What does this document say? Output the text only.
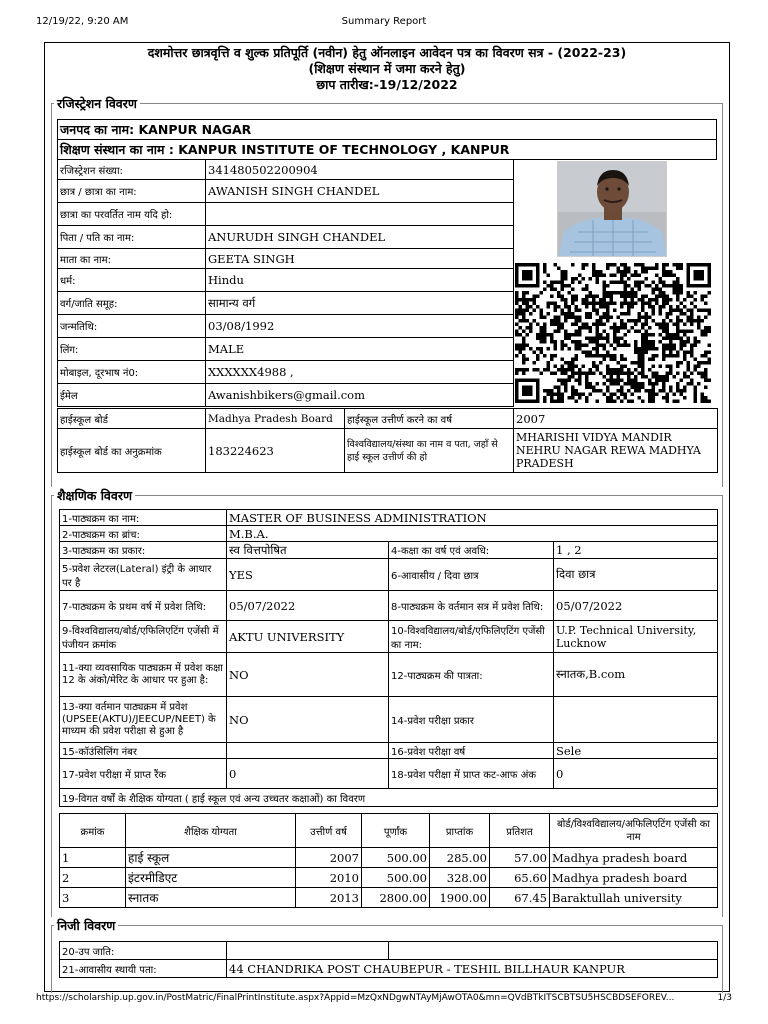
12/19/22, 9:20 AM	Summary Report
दशमोत्तर छात्रवृत्ति व शुल्क प्रतिपूर्ति (नवीन) हेतु ऑनलाइन आवेदन पत्र का विवरण सत्र - (2022-23)
(शिक्षण संस्थान में जमा करने हेतु)
छाप तारीख:-19/12/2022
रजिस्ट्रेशन विवरण
जनपद का नाम: KANPUR NAGAR
शिक्षण संस्थान का नाम : KANPUR INSTITUTE OF TECHNOLOGY , KANPUR
रजिस्ट्रेशन संख्या:	341480502200904
छात्र / छात्रा का नाम:	AWANISH SINGH CHANDEL
छात्रा का परवर्तित नाम यदि हो:	
पिता / पति का नाम:	ANURUDH SINGH CHANDEL
माता का नाम:	GEETA SINGH
धर्म:	Hindu
वर्ग/जाति समूह:	सामान्य वर्ग
जन्मतिथि:	03/08/1992
लिंग:	MALE
मोबाइल, दूरभाष नं0:	XXXXXX4988 ,
ईमेल	Awanishbikers@gmail.com
हाईस्कूल बोर्ड	Madhya Pradesh Board	हाईस्कूल उत्तीर्ण करने का वर्ष	2007
हाईस्कूल बोर्ड का अनुक्रमांक	183224623	विश्वविद्यालय/संस्था का नाम व पता, जहाँ से हाई स्कूल उत्तीर्ण की हो	MHARISHI VIDYA MANDIR NEHRU NAGAR REWA MADHYA PRADESH
शैक्षणिक विवरण
1-पाठ्यक्रम का नाम:	MASTER OF BUSINESS ADMINISTRATION		
2-पाठ्यक्रम का ब्रांच:	M.B.A.		
3-पाठ्यक्रम का प्रकार:	स्व वित्तपोषित	4-कक्षा का वर्ष एवं अवधि:	1 , 2
5-प्रवेश लेटरल(Lateral) इंट्री के आधार पर है	YES	6-आवासीय / दिवा छात्र	दिवा छात्र
7-पाठ्यक्रम के प्रथम वर्ष में प्रवेश तिथि:	05/07/2022	8-पाठ्यक्रम के वर्तमान सत्र में प्रवेश तिथि:	05/07/2022
9-विश्वविद्यालय/बोर्ड/एफिलिएटिंग एजेंसी में पंजीयन क्रमांक	AKTU UNIVERSITY	10-विश्वविद्यालय/बोर्ड/एफिलिएटिंग एजेंसी का नाम:	U.P. Technical University, Lucknow
11-क्या व्यवसायिक पाठ्यक्रम में प्रवेश कक्षा 12 के अंको/मेरिट के आधार पर हुआ है:	NO	12-पाठ्यक्रम की पात्रता:	स्नातक,B.com
13-क्या वर्तमान पाठ्यक्रम में प्रवेश (UPSEE(AKTU)/JEECUP/NEET) के माध्यम की प्रवेश परीक्षा से हुआ है	NO	14-प्रवेश परीक्षा प्रकार	
15-कॉउंसिलिंग नंबर		16-प्रवेश परीक्षा वर्ष	Sele
17-प्रवेश परीक्षा में प्राप्त रैंक	0	18-प्रवेश परीक्षा में प्राप्त कट-आफ अंक	0
19-विगत वर्षों के शैक्षिक योग्यता ( हाई स्कूल एवं अन्य उच्चतर कक्षाओं) का विवरण			
क्रमांक	शैक्षिक योग्यता	उत्तीर्ण वर्ष	पूर्णांक	प्राप्तांक	प्रतिशत	बोर्ड/विश्वविद्यालय/अफिलिएटिंग एजेंसी का नाम
1	हाई स्कूल	2007	500.00	285.00	57.00	Madhya pradesh board
2	इंटरमीडिएट	2010	500.00	328.00	65.60	Madhya pradesh board
3	स्नातक	2013	2800.00	1900.00	67.45	Baraktullah university
निजी विवरण
20-उप जाति:		
21-आवासीय स्थायी पता:	44 CHANDRIKA POST CHAUBEPUR - TESHIL BILLHAUR KANPUR	
https://scholarship.up.gov.in/PostMatric/FinalPrintInstitute.aspx?Appid=MzQxNDgwNTAyMjAwOTA0&mn=QVdBTkITSCBTSU5HSCBDSEFOREV...	1/3
